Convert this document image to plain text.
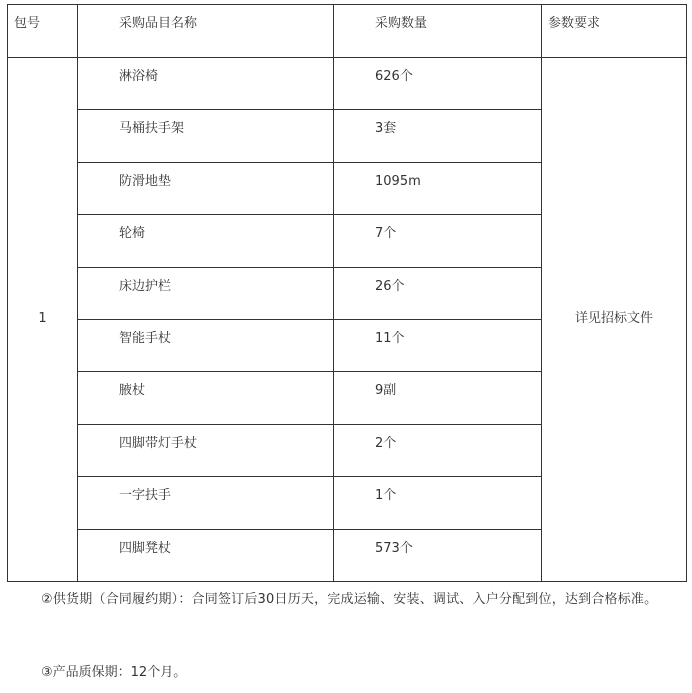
包号	采购品目名称	采购数量	参数要求

1	淋浴椅	626个	详见招标文件

	马桶扶手架	3套	

	防滑地垫	1095m	

	轮椅	7个	

	床边护栏	26个	

	智能手杖	11个	

	腋杖	9副	

	四脚带灯手杖	2个	

	一字扶手	1个	

	四脚凳杖	573个	
②供货期（合同履约期）：合同签订后30日历天，完成运输、安装、调试、入户分配到位，达到合格标准。
③产品质保期：12个月。
